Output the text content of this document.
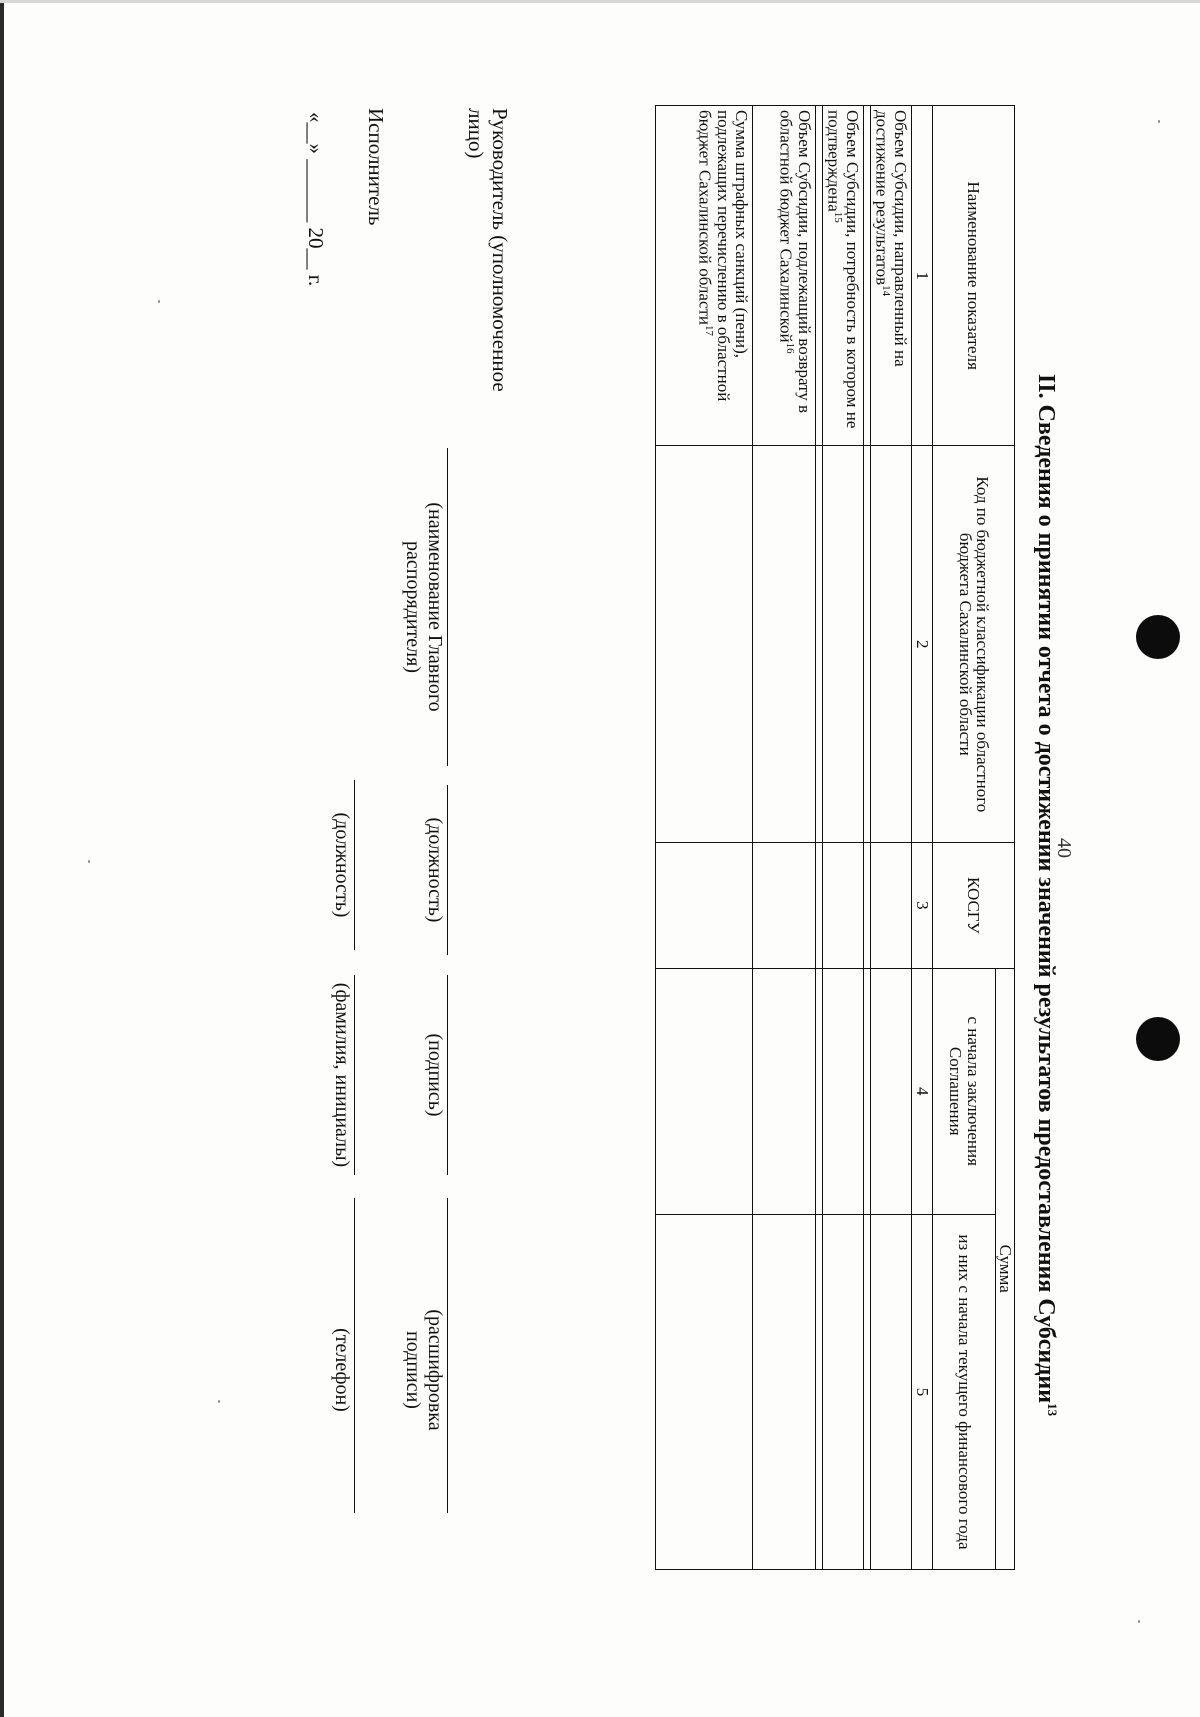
40
II. Сведения о принятии отчета о достижении значений результатов предоставления Субсидии$^{13}$
Наименование показателя	Код по бюджетной классификации областного бюджета Сахалинской области	КОСГУ	Сумма	
			с начала заключения Соглашения	из них с начала текущего финансового года
1	2	3	4	5
Объем Субсидии, направленный на достижение результатов$^{14}$				

Объем Субсидии, потребность в котором не подтверждена$^{15}$				

Объем Субсидии, подлежащий возврату в областной бюджет Сахалинской$^{16}$				
Сумма штрафных санкций (пени), подлежащих перечислению в областной бюджет Сахалинской области$^{17}$				
Руководитель (уполномоченное лицо)
(наименование Главного распорядителя)
(должность)
(подпись)
(расшифровка подписи)
Исполнитель
(должность)
(фамилия, инициалы)
(телефон)
«__» ______ 20__ г.
